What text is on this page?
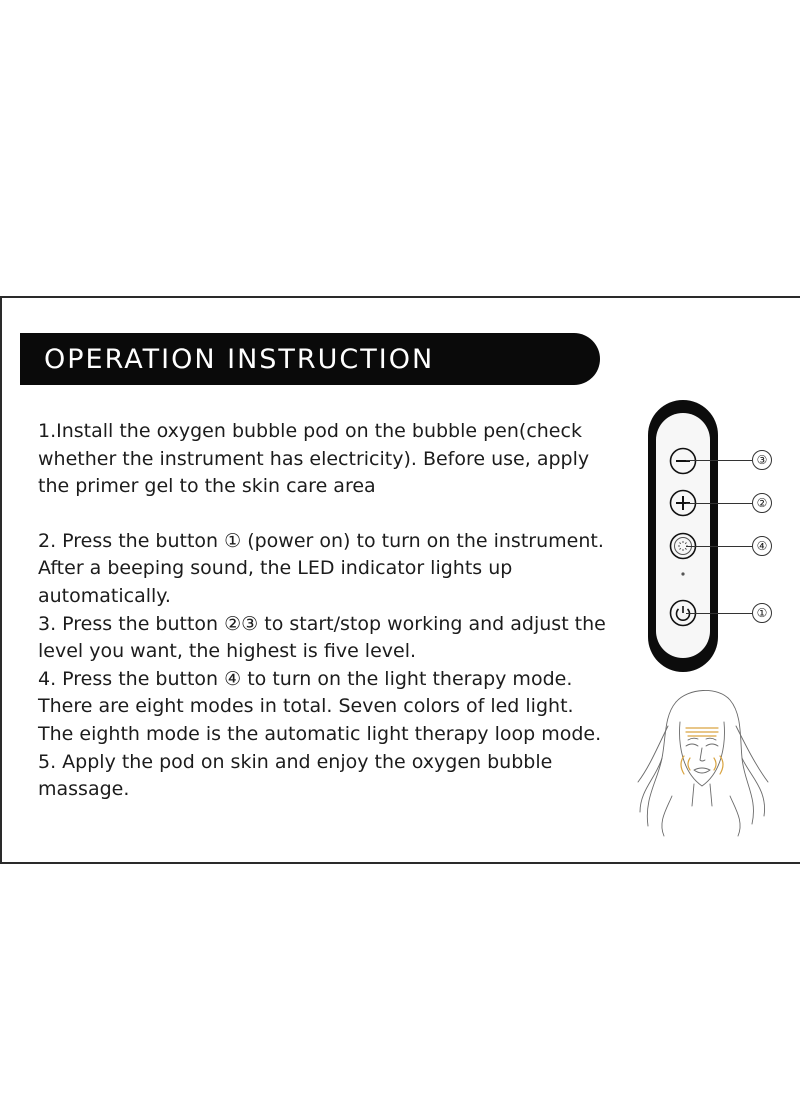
OPERATION INSTRUCTION

1.Install the oxygen bubble pod on the bubble pen(check whether the instrument has electricity). Before use, apply the primer gel to the skin care area

2. Press the button ① (power on) to turn on the instrument. After a beeping sound, the LED indicator lights up automatically.

3. Press the button ②③ to start/stop working and adjust the level you want, the highest is five level.

4. Press the button ④ to turn on the light therapy mode. There are eight modes in total. Seven colors of led light. The eighth mode is the automatic light therapy loop mode.

5. Apply the pod on skin and enjoy the oxygen bubble massage.

③
②
④
①
